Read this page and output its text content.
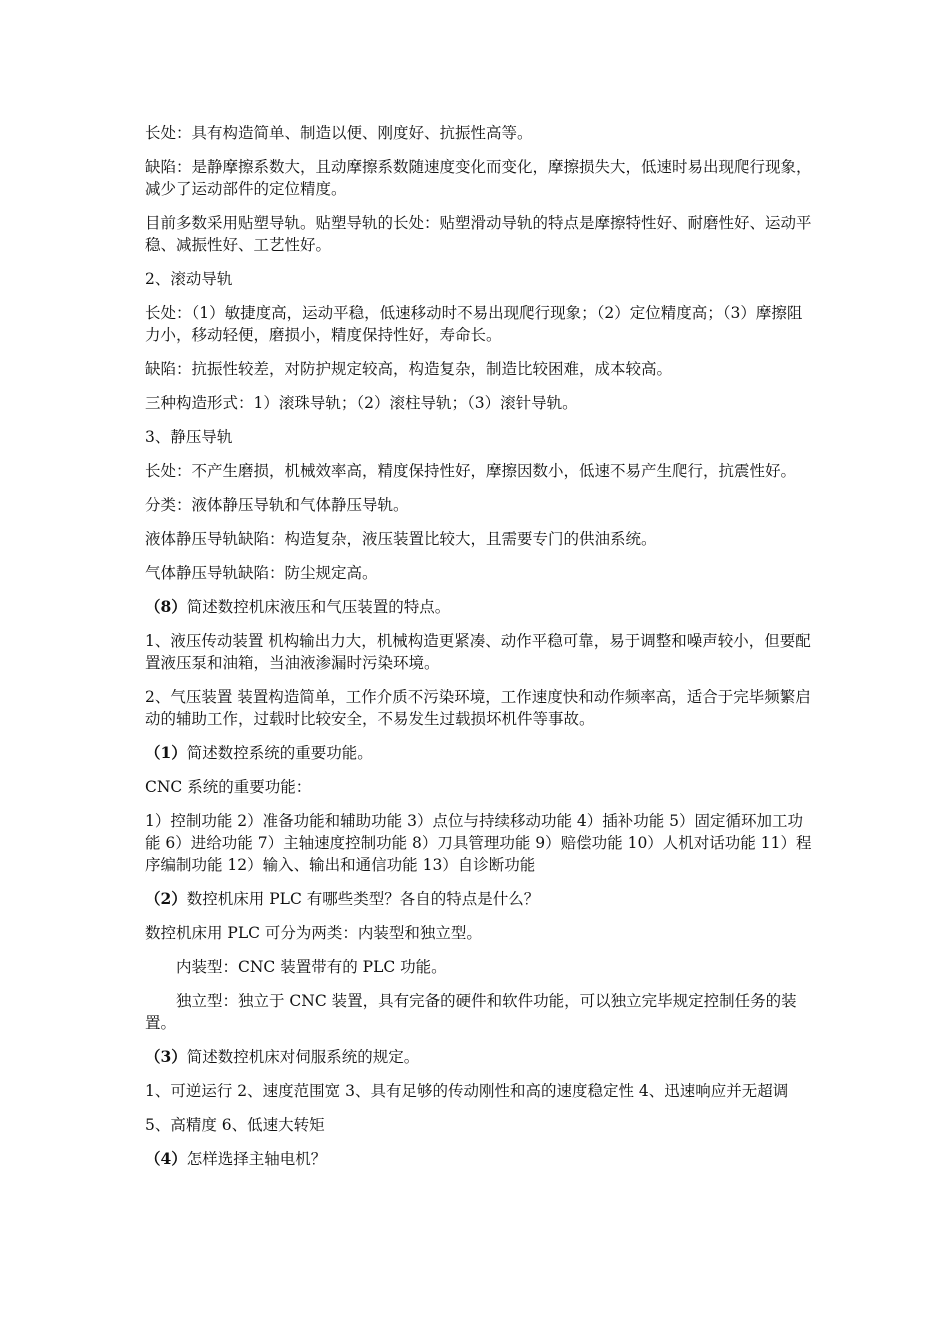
长处：具有构造简单、制造以便、刚度好、抗振性高等。

缺陷：是静摩擦系数大，且动摩擦系数随速度变化而变化，摩擦损失大，低速时易出现爬行现象，减少了运动部件的定位精度。

目前多数采用贴塑导轨。贴塑导轨的长处：贴塑滑动导轨的特点是摩擦特性好、耐磨性好、运动平稳、减振性好、工艺性好。

2、滚动导轨

长处：（1）敏捷度高，运动平稳，低速移动时不易出现爬行现象；（2）定位精度高；（3）摩擦阻力小，移动轻便，磨损小，精度保持性好，寿命长。

缺陷：抗振性较差，对防护规定较高，构造复杂，制造比较困难，成本较高。

三种构造形式：1）滚珠导轨；（2）滚柱导轨；（3）滚针导轨。

3、静压导轨

长处：不产生磨损，机械效率高，精度保持性好，摩擦因数小，低速不易产生爬行，抗震性好。

分类：液体静压导轨和气体静压导轨。

液体静压导轨缺陷：构造复杂，液压装置比较大，且需要专门的供油系统。

气体静压导轨缺陷：防尘规定高。

（8）简述数控机床液压和气压装置的特点。

1、液压传动装置 机构输出力大，机械构造更紧凑、动作平稳可靠，易于调整和噪声较小，但要配置液压泵和油箱，当油液渗漏时污染环境。

2、气压装置 装置构造简单，工作介质不污染环境，工作速度快和动作频率高，适合于完毕频繁启动的辅助工作，过载时比较安全，不易发生过载损坏机件等事故。

（1）简述数控系统的重要功能。

CNC 系统的重要功能：

1）控制功能 2）准备功能和辅助功能 3）点位与持续移动功能 4）插补功能 5）固定循环加工功能 6）进给功能 7）主轴速度控制功能 8）刀具管理功能 9）赔偿功能 10）人机对话功能 11）程序编制功能 12）输入、输出和通信功能 13）自诊断功能

（2）数控机床用 PLC 有哪些类型？各自的特点是什么？

数控机床用 PLC 可分为两类：内装型和独立型。

内装型：CNC 装置带有的 PLC 功能。

独立型：独立于 CNC 装置，具有完备的硬件和软件功能，可以独立完毕规定控制任务的装置。

（3）简述数控机床对伺服系统的规定。

1、可逆运行 2、速度范围宽 3、具有足够的传动刚性和高的速度稳定性 4、迅速响应并无超调

5、高精度 6、低速大转矩

（4）怎样选择主轴电机？
